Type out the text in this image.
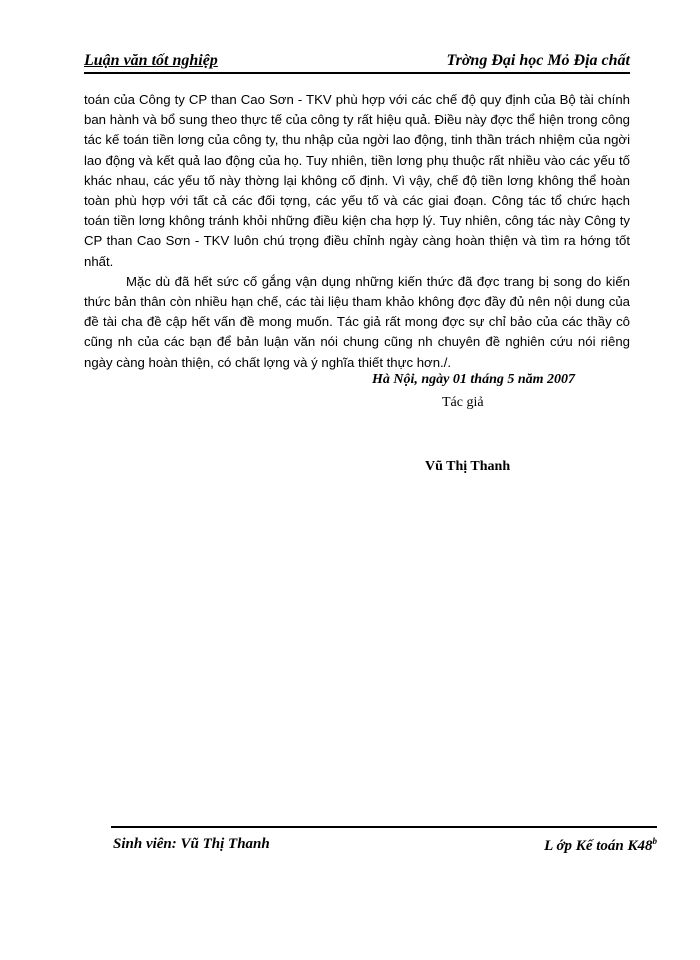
Luận văn tốt nghiệp	Trờng Đại học Mỏ Địa chất

toán của Công ty CP than Cao Sơn - TKV phù hợp với các chế độ quy định của Bộ tài chính ban hành và bổ sung theo thực tế của công ty rất hiệu quả. Điều này đợc thể hiện trong công tác kế toán tiền lơng của công ty, thu nhập của ngời lao động, tinh thần trách nhiệm của ngời lao động và kết quả lao động của họ. Tuy nhiên, tiền lơng phụ thuộc rất nhiều vào các yếu tố khác nhau, các yếu tố này thờng lại không cố định. Vì vậy, chế độ tiền lơng không thể hoàn toàn phù hợp với tất cả các đối tợng, các yếu tố và các giai đoạn. Công tác tổ chức hạch toán tiền lơng không tránh khỏi những điều kiện cha hợp lý. Tuy nhiên, công tác này Công ty CP than Cao Sơn - TKV luôn chú trọng điều chỉnh ngày càng hoàn thiện và tìm ra hớng tốt nhất.

Mặc dù đã hết sức cố gắng vận dụng những kiến thức đã đợc trang bị song do kiến thức bản thân còn nhiều hạn chế, các tài liệu tham khảo không đợc đầy đủ nên nội dung của đề tài cha đề cập hết vấn đề mong muốn. Tác giả rất mong đợc sự chỉ bảo của các thầy cô cũng nh của các bạn để bản luận văn nói chung cũng nh chuyên đề nghiên cứu nói riêng ngày càng hoàn thiện, có chất lợng và ý nghĩa thiết thực hơn./.

Hà Nội, ngày 01 tháng 5 năm 2007
Tác giả
Vũ Thị Thanh
Sinh viên: Vũ Thị Thanh	L ớp Kế toán K48$^b$
